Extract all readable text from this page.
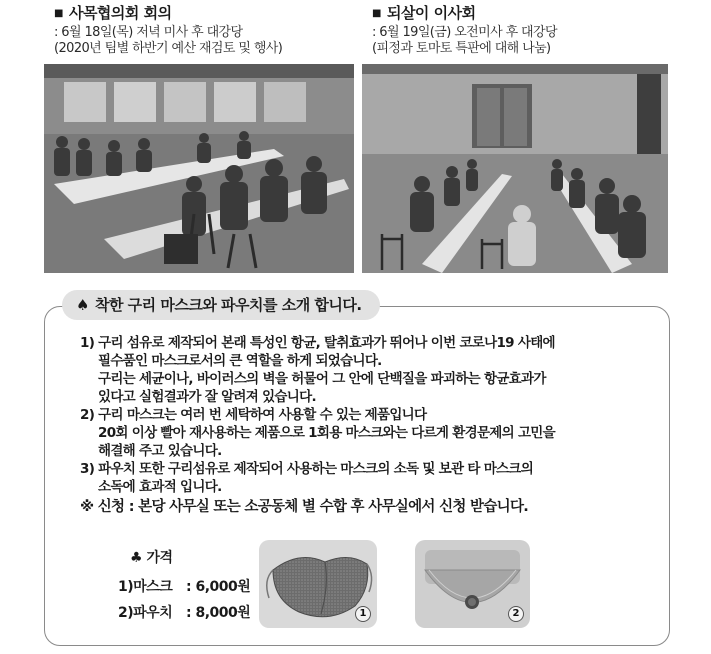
■ 사목협의회 회의
: 6월 18일(목) 저녁 미사 후 대강당
(2020년 팀별 하반기 예산 재검토 및 행사)
■ 되살이 이사회
: 6월 19일(금) 오전미사 후 대강당
(피정과 토마토 특판에 대해 나눔)
♠ 착한 구리 마스크와 파우치를 소개 합니다.
1) 구리 섬유로 제작되어 본래 특성인 항균, 탈취효과가 뛰어나 이번 코로나19 사태에
필수품인 마스크로서의 큰 역할을 하게 되었습니다.
구리는 세균이나, 바이러스의 벽을 허물어 그 안에 단백질을 파괴하는 항균효과가
있다고 실험결과가 잘 알려져 있습니다.
2) 구리 마스크는 여러 번 세탁하여 사용할 수 있는 제품입니다
20회 이상 빨아 재사용하는 제품으로 1회용 마스크와는 다르게 환경문제의 고민을
해결해 주고 있습니다.
3) 파우치 또한 구리섬유로 제작되어 사용하는 마스크의 소독 및 보관 타 마스크의
소독에 효과적 입니다.
※ 신청 : 본당 사무실 또는 소공동체 별 수합 후 사무실에서 신청 받습니다.
♣ 가격
1)마스크 : 6,000원
2)파우치 : 8,000원	1	2
